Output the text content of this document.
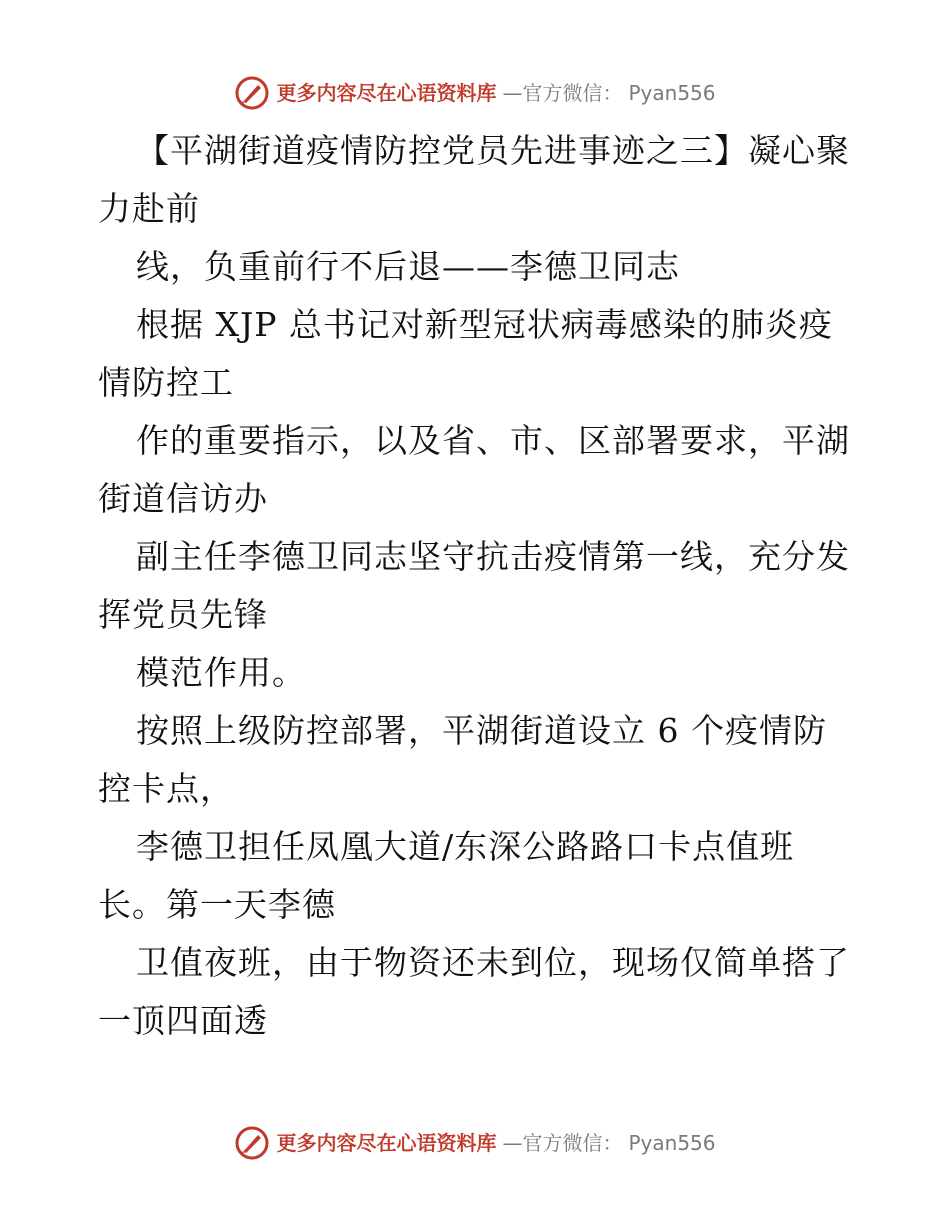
更多内容尽在心语资料库 —官方微信： Pyan556
【平湖街道疫情防控党员先进事迹之三】凝心聚
力赴前
线，负重前行不后退——李德卫同志
根据 XJP 总书记对新型冠状病毒感染的肺炎疫
情防控工
作的重要指示，以及省、市、区部署要求，平湖
街道信访办
副主任李德卫同志坚守抗击疫情第一线，充分发
挥党员先锋
模范作用。
按照上级防控部署，平湖街道设立 6 个疫情防
控卡点，
李德卫担任凤凰大道/东深公路路口卡点值班
长。第一天李德
卫值夜班，由于物资还未到位，现场仅简单搭了
一顶四面透
更多内容尽在心语资料库 —官方微信： Pyan556
